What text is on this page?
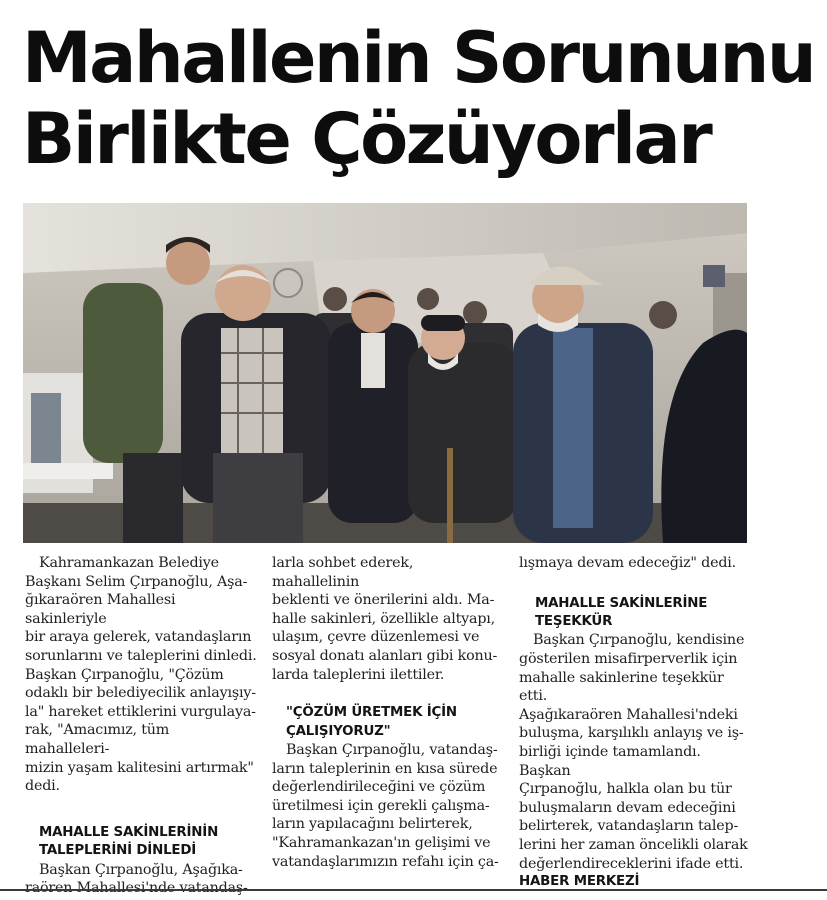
Mahallenin Sorununu
Birlikte Çözüyorlar

Kahramankazan Belediye
Başkanı Selim Çırpanoğlu, Aşa-
ğıkaraören Mahallesi sakinleriyle
bir araya gelerek, vatandaşların
sorunlarını ve taleplerini dinledi.
Başkan Çırpanoğlu, "Çözüm
odaklı bir belediyecilik anlayışıy-
la" hareket ettiklerini vurgulaya-
rak, "Amacımız, tüm mahalleleri-
mizin yaşam kalitesini artırmak"
dedi.

MAHALLE SAKİNLERİNİN
TALEPLERİNİ DİNLEDİ

Başkan Çırpanoğlu, Aşağıka-

larla sohbet ederek, mahallelinin
beklenti ve önerilerini aldı. Ma-
halle sakinleri, özellikle altyapı,
ulaşım, çevre düzenlemesi ve
sosyal donatı alanları gibi konu-
larda taleplerini ilettiler.

"ÇÖZÜM ÜRETMEK İÇİN
ÇALIŞIYORUZ"

Başkan Çırpanoğlu, vatandaş-
ların taleplerinin en kısa sürede
değerlendirileceğini ve çözüm
üretilmesi için gerekli çalışma-
ların yapılacağını belirterek,
"Kahramankazan'ın gelişimi ve
vatandaşlarımızın refahı için ça-

lışmaya devam edeceğiz" dedi.

MAHALLE SAKİNLERİNE
TEŞEKKÜR

Başkan Çırpanoğlu, kendisine
gösterilen misafirperverlik için
mahalle sakinlerine teşekkür etti.
Aşağıkaraören Mahallesi'ndeki
buluşma, karşılıklı anlayış ve iş-
birliği içinde tamamlandı. Başkan
Çırpanoğlu, halkla olan bu tür
buluşmaların devam edeceğini
belirterek, vatandaşların talep-
lerini her zaman öncelikli olarak
değerlendireceklerini ifade etti.

HABER MERKEZİ
